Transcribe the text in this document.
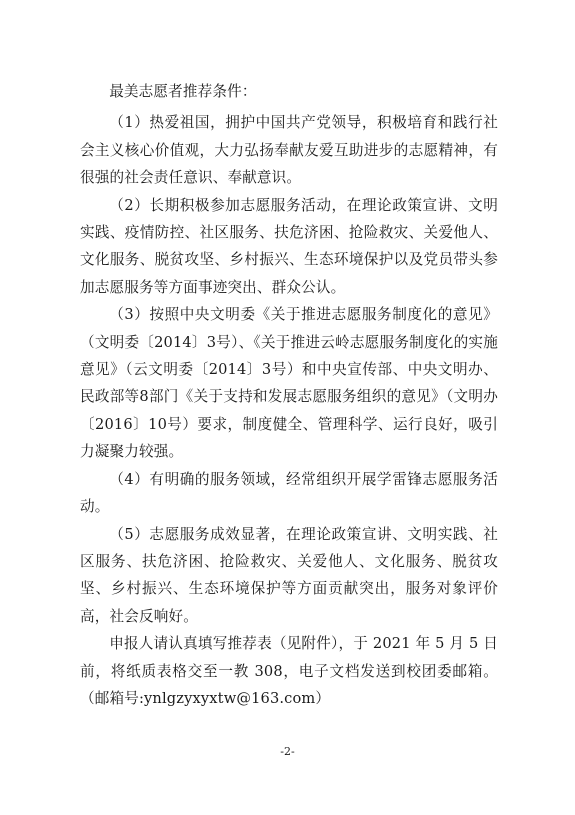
最美志愿者推荐条件：

（1）热爱祖国，拥护中国共产党领导，积极培育和践行社会主义核心价值观，大力弘扬奉献友爱互助进步的志愿精神，有很强的社会责任意识、奉献意识。

（2）长期积极参加志愿服务活动，在理论政策宣讲、文明实践、疫情防控、社区服务、扶危济困、抢险救灾、关爱他人、文化服务、脱贫攻坚、乡村振兴、生态环境保护以及党员带头参加志愿服务等方面事迹突出、群众公认。

（3）按照中央文明委《关于推进志愿服务制度化的意见》（文明委〔2014〕3号）、《关于推进云岭志愿服务制度化的实施意见》（云文明委〔2014〕3号）和中央宣传部、中央文明办、民政部等8部门《关于支持和发展志愿服务组织的意见》（文明办〔2016〕10号）要求，制度健全、管理科学、运行良好，吸引力凝聚力较强。

（4）有明确的服务领域，经常组织开展学雷锋志愿服务活动。

（5）志愿服务成效显著，在理论政策宣讲、文明实践、社区服务、扶危济困、抢险救灾、关爱他人、文化服务、脱贫攻坚、乡村振兴、生态环境保护等方面贡献突出，服务对象评价高，社会反响好。

申报人请认真填写推荐表（见附件），于 2021 年 5 月 5 日前，将纸质表格交至一教 308，电子文档发送到校团委邮箱。（邮箱号:ynlgzyxyxtw@163.com）

-2-
